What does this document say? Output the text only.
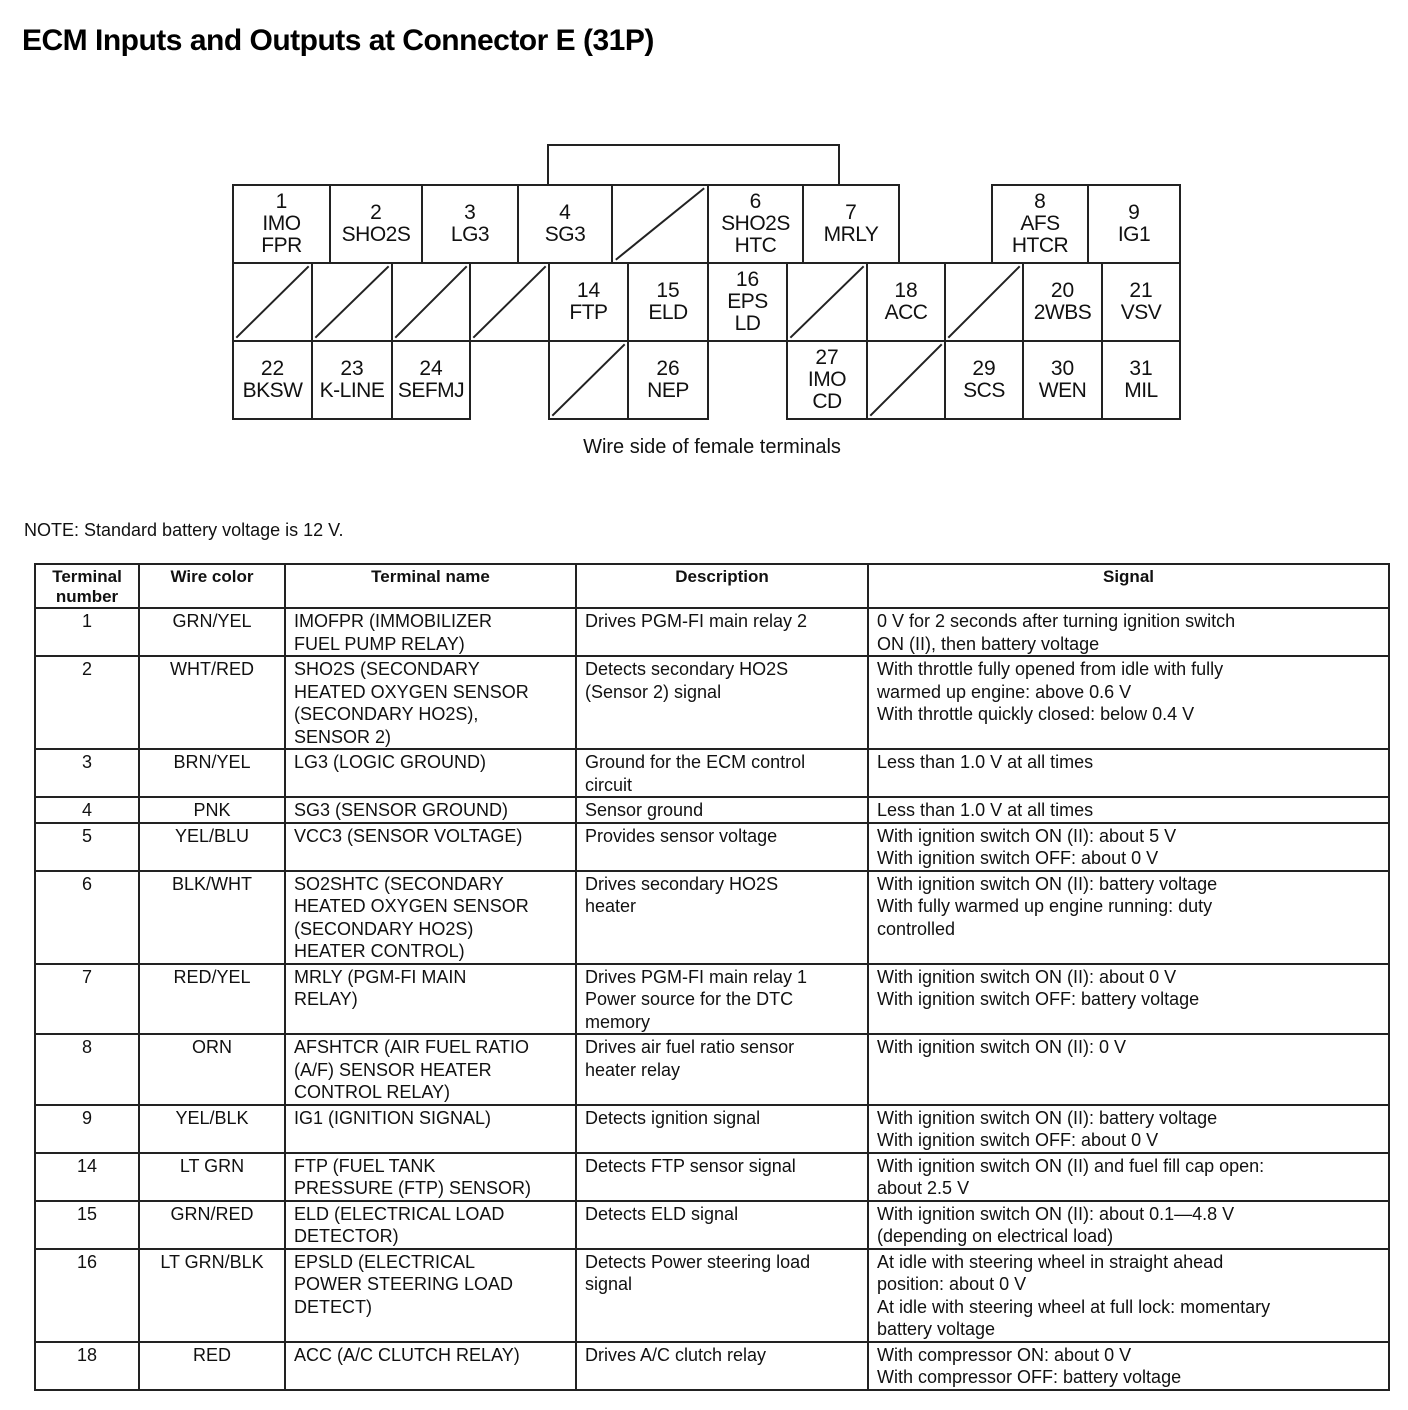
ECM Inputs and Outputs at Connector E (31P)
1
IMO
FPR
2
SHO2S
3
LG3
4
SG3
6
SHO2S
HTC
7
MRLY
8
AFS
HTCR
9
IG1
14
FTP
15
ELD
16
EPS
LD
18
ACC
20
2WBS
21
VSV
22
BKSW
23
K-LINE
24
SEFMJ
26
NEP
27
IMO
CD
29
SCS
30
WEN
31
MIL
Wire side of female terminals
NOTE: Standard battery voltage is 12 V.
Terminal
number	Wire color	Terminal name	Description	Signal
1	GRN/YEL	IMOFPR (IMMOBILIZER
FUEL PUMP RELAY)	Drives PGM-FI main relay 2	0 V for 2 seconds after turning ignition switch
ON (II), then battery voltage
2	WHT/RED	SHO2S (SECONDARY
HEATED OXYGEN SENSOR
(SECONDARY HO2S),
SENSOR 2)	Detects secondary HO2S
(Sensor 2) signal	With throttle fully opened from idle with fully
warmed up engine: above 0.6 V
With throttle quickly closed: below 0.4 V
3	BRN/YEL	LG3 (LOGIC GROUND)	Ground for the ECM control
circuit	Less than 1.0 V at all times
4	PNK	SG3 (SENSOR GROUND)	Sensor ground	Less than 1.0 V at all times
5	YEL/BLU	VCC3 (SENSOR VOLTAGE)	Provides sensor voltage	With ignition switch ON (II): about 5 V
With ignition switch OFF: about 0 V
6	BLK/WHT	SO2SHTC (SECONDARY
HEATED OXYGEN SENSOR
(SECONDARY HO2S)
HEATER CONTROL)	Drives secondary HO2S
heater	With ignition switch ON (II): battery voltage
With fully warmed up engine running: duty
controlled
7	RED/YEL	MRLY (PGM-FI MAIN
RELAY)	Drives PGM-FI main relay 1
Power source for the DTC
memory	With ignition switch ON (II): about 0 V
With ignition switch OFF: battery voltage
8	ORN	AFSHTCR (AIR FUEL RATIO
(A/F) SENSOR HEATER
CONTROL RELAY)	Drives air fuel ratio sensor
heater relay	With ignition switch ON (II): 0 V
9	YEL/BLK	IG1 (IGNITION SIGNAL)	Detects ignition signal	With ignition switch ON (II): battery voltage
With ignition switch OFF: about 0 V
14	LT GRN	FTP (FUEL TANK
PRESSURE (FTP) SENSOR)	Detects FTP sensor signal	With ignition switch ON (II) and fuel fill cap open:
about 2.5 V
15	GRN/RED	ELD (ELECTRICAL LOAD
DETECTOR)	Detects ELD signal	With ignition switch ON (II): about 0.1—4.8 V
(depending on electrical load)
16	LT GRN/BLK	EPSLD (ELECTRICAL
POWER STEERING LOAD
DETECT)	Detects Power steering load
signal	At idle with steering wheel in straight ahead
position: about 0 V
At idle with steering wheel at full lock: momentary
battery voltage
18	RED	ACC (A/C CLUTCH RELAY)	Drives A/C clutch relay	With compressor ON: about 0 V
With compressor OFF: battery voltage
